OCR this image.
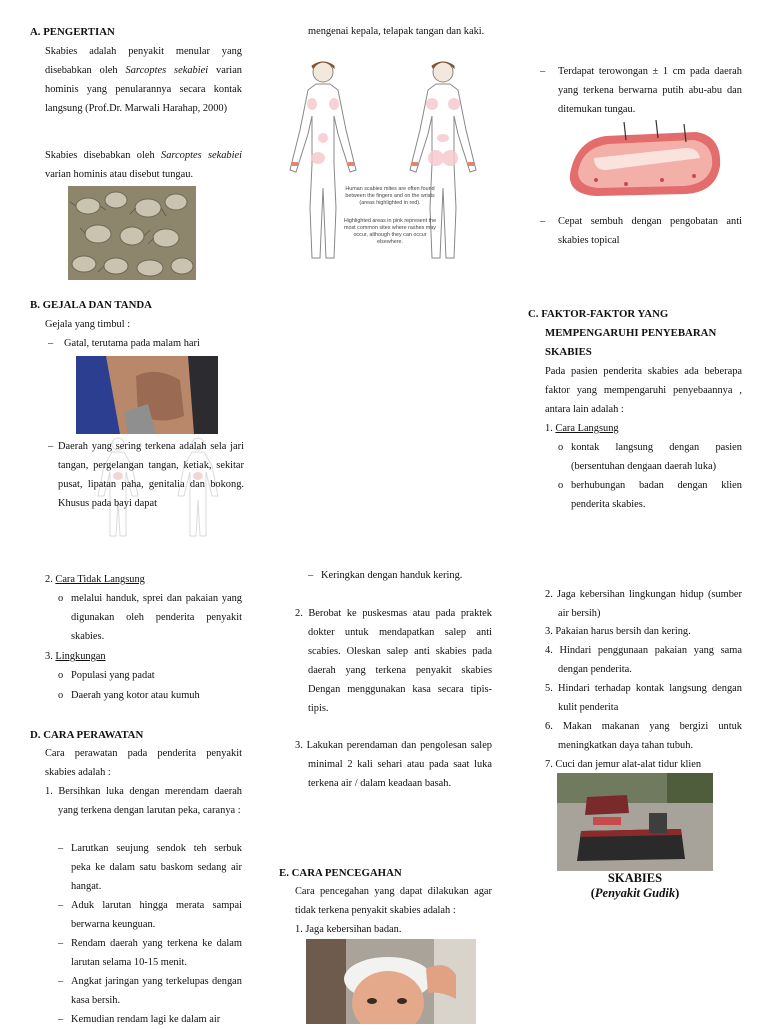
A. PENGERTIAN
Skabies adalah penyakit menular yang disebabkan oleh Sarcoptes sekabiei varian hominis yang penularannya secara kontak langsung (Prof.Dr. Marwali Harahap, 2000)
Skabies disebabkan oleh Sarcoptes sekabiei varian hominis atau disebut tungau.
mengenai kepala, telapak tangan dan kaki.
Human scabies mites are often found between the fingers and on the wrists (areas highlighted in red).
Highlighted areas in pink represent the most common sites where rashes may occur, although they can occur elsewhere.
–	Terdapat terowongan ± 1 cm pada daerah yang terkena berwarna putih abu-abu dan ditemukan tungau.
–	Cepat sembuh dengan pengobatan anti skabies topical
B. GEJALA DAN TANDA
Gejala yang timbul :
–	Gatal, terutama pada malam hari
– Daerah yang sering terkena adalah sela jari tangan, pergelangan tangan, ketiak, sekitar pusat, lipatan paha, genitalia dan bokong. Khusus pada bayi dapat
C. FAKTOR-FAKTOR YANG
MEMPENGARUHI PENYEBARAN
SKABIES
Pada pasien penderita skabies ada beberapa faktor yang mempengaruhi penyebaannya , antara lain adalah :
1. Cara Langsung
o kontak langsung dengan pasien (bersentuhan dengaan daerah luka)
o berhubungan badan dengan klien penderita skabies.
2. Cara Tidak Langsung
o melalui handuk, sprei dan pakaian yang digunakan oleh penderita penyakit skabies.
3. Lingkungan
o Populasi yang padat
o Daerah yang kotor atau kumuh
D. CARA PERAWATAN
Cara perawatan pada penderita penyakit skabies adalah :
1. Bersihkan luka dengan merendam daerah yang terkena dengan larutan peka, caranya :
– Larutkan seujung sendok teh serbuk peka ke dalam satu baskom sedang air hangat.
– Aduk larutan hingga merata sampai berwarna keunguan.
– Rendam daerah yang terkena ke dalam larutan selama 10-15 menit.
– Angkat jaringan yang terkelupas dengan kasa bersih.
– Kemudian rendam lagi ke dalam air
– Keringkan dengan handuk kering.
2. Berobat ke puskesmas atau pada praktek dokter untuk mendapatkan salep anti scabies. Oleskan salep anti skabies pada daerah yang terkena penyakit skabies Dengan menggunakan kasa secara tipis-tipis.
3. Lakukan perendaman dan pengolesan salep minimal 2 kali sehari atau pada saat luka terkena air / dalam keadaan basah.
E. CARA PENCEGAHAN
Cara pencegahan yang dapat dilakukan agar tidak terkena penyakit skabies adalah :
1. Jaga kebersihan badan.
2. Jaga kebersihan lingkungan hidup (sumber air bersih)
3. Pakaian harus bersih dan kering.
4. Hindari penggunaan pakaian yang sama dengan penderita.
5. Hindari terhadap kontak langsung dengan kulit penderita
6. Makan makanan yang bergizi untuk meningkatkan daya tahan tubuh.
7. Cuci dan jemur alat-alat tidur klien
SKABIES
(Penyakit Gudik)
